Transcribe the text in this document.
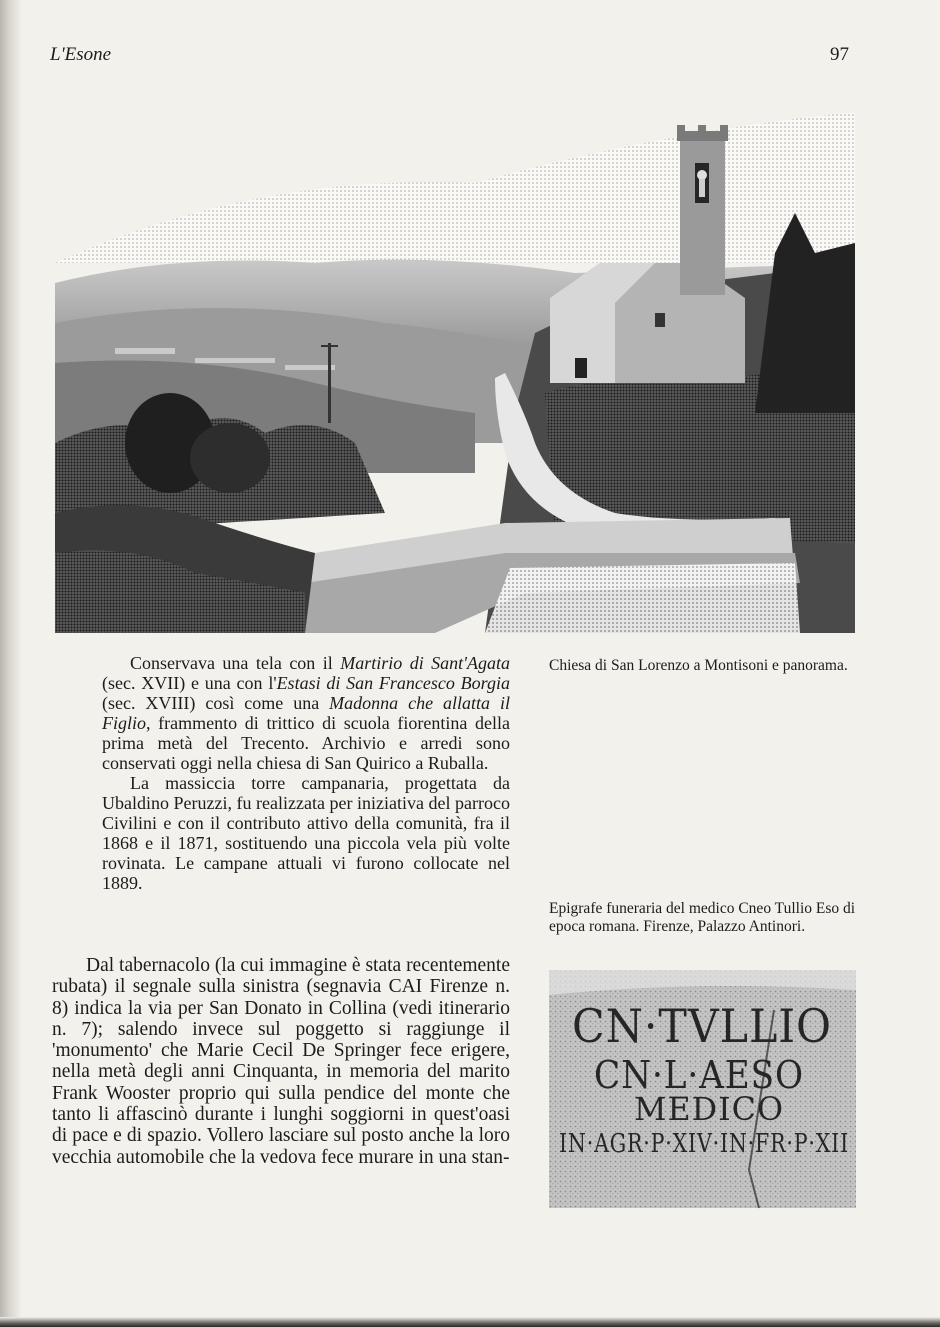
L'Esone	97

Conservava una tela con il Martirio di Sant'Agata (sec. XVII) e una con l'Estasi di San Francesco Borgia (sec. XVIII) così come una Madonna che allatta il Figlio, frammento di trittico di scuola fiorentina della prima metà del Trecento. Archivio e arredi sono conservati oggi nella chiesa di San Quirico a Ruballa.

La massiccia torre campanaria, progettata da Ubaldino Peruzzi, fu realizzata per iniziativa del parroco Civilini e con il contributo attivo della comunità, fra il 1868 e il 1871, sostituendo una piccola vela più volte rovinata. Le campane attuali vi furono collocate nel 1889.

Dal tabernacolo (la cui immagine è stata recentemente rubata) il segnale sulla sinistra (segnavia CAI Firenze n. 8) indica la via per San Donato in Collina (vedi itinerario n. 7); salendo invece sul poggetto si raggiunge il 'monumento' che Marie Cecil De Springer fece erigere, nella metà degli anni Cinquanta, in memoria del marito Frank Wooster proprio qui sulla pendice del monte che tanto li affascinò durante i lunghi soggiorni in quest'oasi di pace e di spazio. Vollero lasciare sul posto anche la loro vecchia automobile che la vedova fece murare in una stan-

Chiesa di San Lorenzo a Montisoni e panorama.
Epigrafe funeraria del medico Cneo Tullio Eso di epoca romana. Firenze, Palazzo Antinori.
CN·TVLLIO
CN·L·AESO
MEDICO
IN·AGR·P·XIV·IN·FR·P·XII
